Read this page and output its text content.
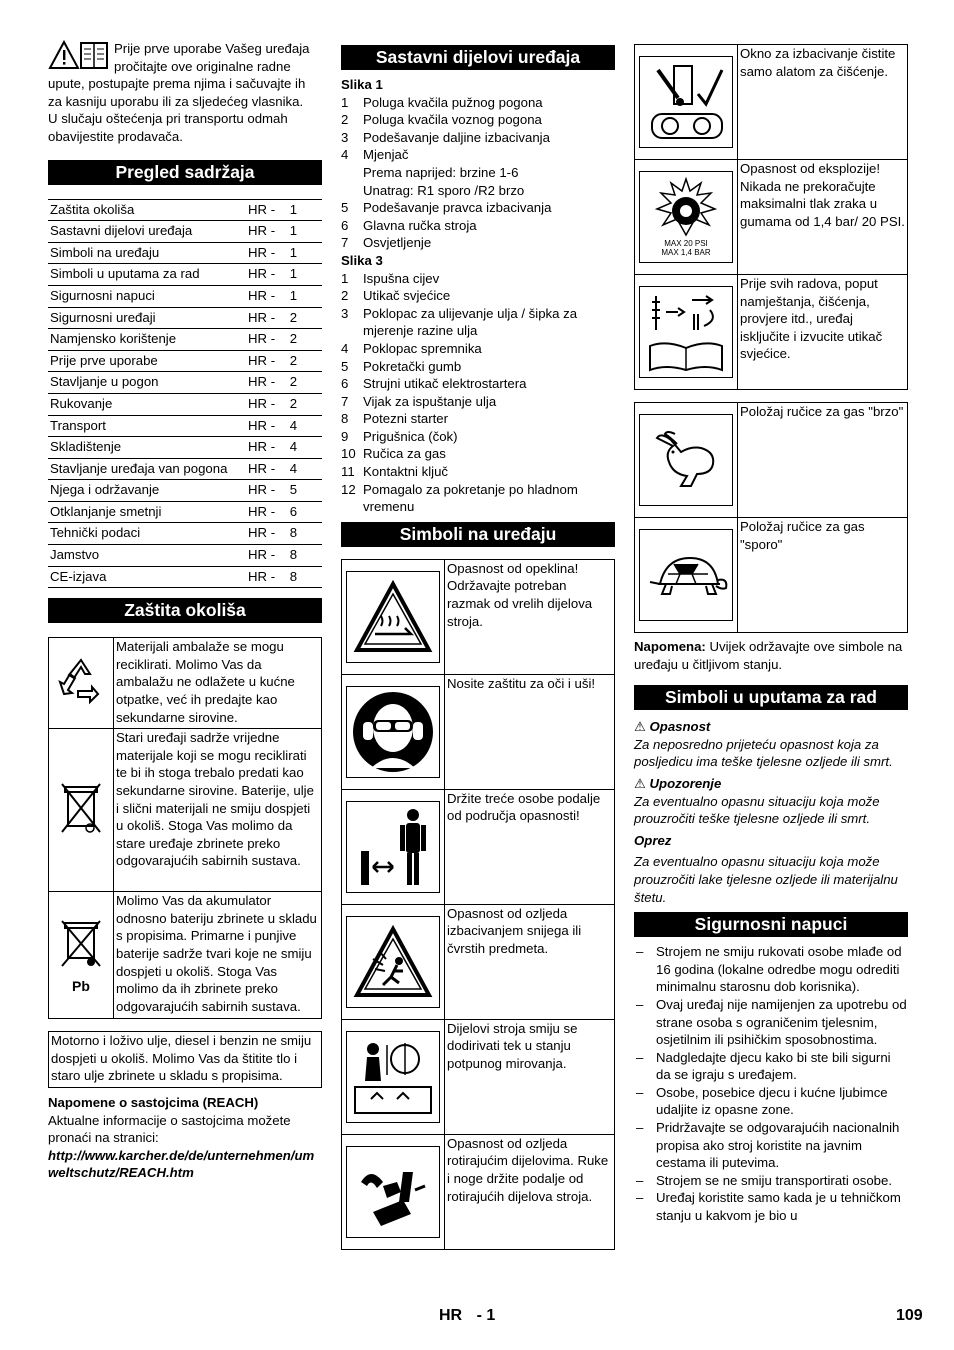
Prije prve uporabe Vašeg uređaja pročitajte ove originalne radne upute, postupajte prema njima i sačuvajte ih za kasniju uporabu ili za sljedećeg vlasnika.

U slučaju oštećenja pri transportu odmah obavijestite prodavača.

Pregled sadržaja
Zaštita okoliša	HR -    1
Sastavni dijelovi uređaja	HR -    1
Simboli na uređaju	HR -    1
Simboli u uputama za rad	HR -    1
Sigurnosni napuci	HR -    1
Sigurnosni uređaji	HR -    2
Namjensko korištenje	HR -    2
Prije prve uporabe	HR -    2
Stavljanje u pogon	HR -    2
Rukovanje	HR -    2
Transport	HR -    4
Skladištenje	HR -    4
Stavljanje uređaja van pogona	HR -    4
Njega i održavanje	HR -    5
Otklanjanje smetnji	HR -    6
Tehnički podaci	HR -    8
Jamstvo	HR -    8
CE-izjava	HR -    8
Zaštita okoliša
	Materijali ambalaže se mogu reciklirati. Molimo Vas da ambalažu ne odlažete u kućne otpatke, već ih predajte kao sekundarne sirovine.
	Stari uređaji sadrže vrijedne materijale koji se mogu reciklirati te bi ih stoga trebalo predati kao sekundarne sirovine. Baterije, ulje i slični materijali ne smiju dospjeti u okoliš. Stoga Vas molimo da stare uređaje zbrinete preko odgovarajućih sabirnih sustava.

Pb	Molimo Vas da akumulator odnosno bateriju zbrinete u skladu s propisima. Primarne i punjive baterije sadrže tvari koje ne smiju dospjeti u okoliš. Stoga Vas molimo da ih zbrinete preko odgovarajućih sabirnih sustava.

Motorno i loživo ulje, diesel i benzin ne smiju dospjeti u okoliš. Molimo Vas da štitite tlo i staro ulje zbrinete u skladu s propisima.

Napomene o sastojcima (REACH)

Aktualne informacije o sastojcima možete pronaći na stranici:

http://www.karcher.de/de/unternehmen/umweltschutz/REACH.htm

Sastavni dijelovi uređaja

Slika 1

1 Poluga kvačila pužnog pogona
2 Poluga kvačila voznog pogona
3 Podešavanje daljine izbacivanja
4 Mjenjač
Prema naprijed: brzine 1-6
Unatrag: R1 sporo /R2 brzo
5 Podešavanje pravca izbacivanja
6 Glavna ručka stroja
7 Osvjetljenje

Slika 3

1 Ispušna cijev
2 Utikač svjećice
3 Poklopac za ulijevanje ulja / šipka za mjerenje razine ulja
4 Poklopac spremnika
5 Pokretački gumb
6 Strujni utikač elektrostartera
7 Vijak za ispuštanje ulja
8 Potezni starter
9 Prigušnica (čok)
10 Ručica za gas
11 Kontaktni ključ
12 Pomagalo za pokretanje po hladnom vremenu
Simboli na uređaju
	Opasnost od opeklina! Održavajte potreban razmak od vrelih dijelova stroja.

	Nosite zaštitu za oči i uši!

	Držite treće osobe podalje od područja opasnosti!

	Opasnost od ozljeda izbacivanjem snijega ili čvrstih predmeta.

	Dijelovi stroja smiju se dodirivati tek u stanju potpunog mirovanja.

	Opasnost od ozljeda rotirajućim dijelovima. Ruke i noge držite podalje od rotirajućih dijelova stroja.
	Okno za izbacivanje čistite samo alatom za čišćenje.

MAX 20 PSI
MAX 1,4 BAR	Opasnost od eksplozije! Nikada ne prekoračujte maksimalni tlak zraka u gumama od 1,4 bar/ 20 PSI.

	Prije svih radova, poput namještanja, čišćenja, provjere itd., uređaj isključite i izvucite utikač svjećice.
	Položaj ručice za gas "brzo"

	Položaj ručice za gas "sporo"

Napomena: Uvijek održavajte ove simbole na uređaju u čitljivom stanju.

Simboli u uputama za rad

⚠ Opasnost

Za neposredno prijeteću opasnost koja za posljedicu ima teške tjelesne ozljede ili smrt.

⚠ Upozorenje

Za eventualno opasnu situaciju koja može prouzročiti teške tjelesne ozljede ili smrt.

Oprez

Za eventualno opasnu situaciju koja može prouzročiti lake tjelesne ozljede ili materijalnu štetu.

Sigurnosni napuci
– Strojem ne smiju rukovati osobe mlađe od 16 godina (lokalne odredbe mogu odrediti minimalnu starosnu dob korisnika).
– Ovaj uređaj nije namijenjen za upotrebu od strane osoba s ograničenim tjelesnim, osjetilnim ili psihičkim sposobnostima.
– Nadgledajte djecu kako bi ste bili sigurni da se igraju s uređajem.
– Osobe, posebice djecu i kućne ljubimce udaljite iz opasne zone.
– Pridržavajte se odgovarajućih nacionalnih propisa ako stroj koristite na javnim cestama ili putevima.
– Strojem se ne smiju transportirati osobe.
– Uređaj koristite samo kada je u tehničkom stanju u kakvom je bio u
HR - 1	109
